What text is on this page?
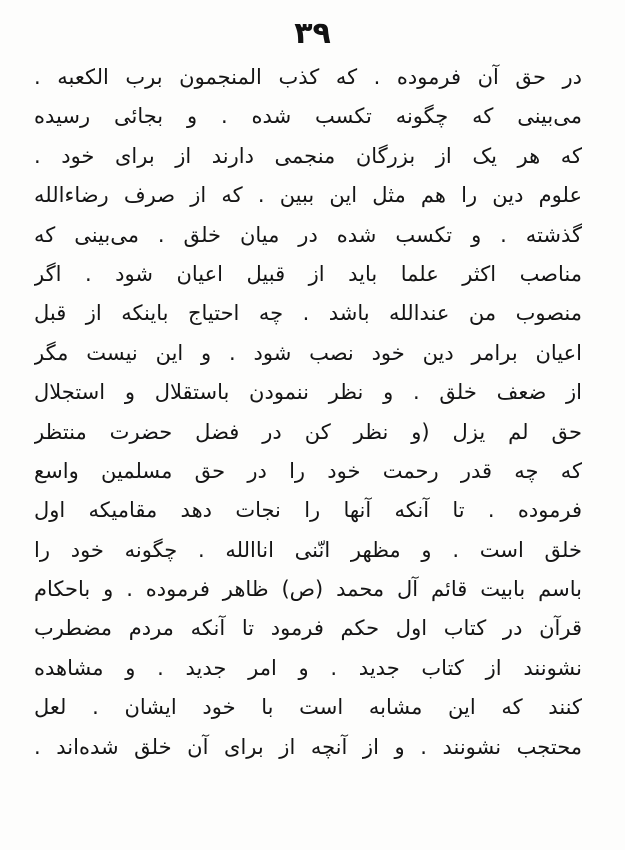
۳۹
در حق آن فرموده . که کذب المنجمون برب الکعبه .
می‌بینی که چگونه تکسب شده . و بجائی رسیده
که هر یک از بزرگان منجمی دارند از برای خود .
علوم دین را هم مثل این ببین . که از صرف رضاءالله
گذشته . و تکسب شده در میان خلق . می‌بینی که
مناصب اکثر علما باید از قبیل اعیان شود . اگر
منصوب من عندالله باشد . چه احتیاج باینکه از قبل
اعیان برامر دین خود نصب شود . و این نیست مگر
از ضعف خلق . و نظر ننمودن باستقلال و استجلال
حق لم یزل (و نظر کن در فضل حضرت منتظر
که چه قدر رحمت خود را در حق مسلمین واسع
فرموده . تا آنکه آنها را نجات دهد مقامیکه اول
خلق است . و مظهر انّنی اناالله . چگونه خود را
باسم بابیت قائم آل محمد (ص) ظاهر فرموده . و باحکام
قرآن در کتاب اول حکم فرمود تا آنکه مردم مضطرب
نشونند از کتاب جدید . و امر جدید . و مشاهده
کنند که این مشابه است با خود ایشان . لعل
محتجب نشونند . و از آنچه از برای آن خلق شده‌اند .
